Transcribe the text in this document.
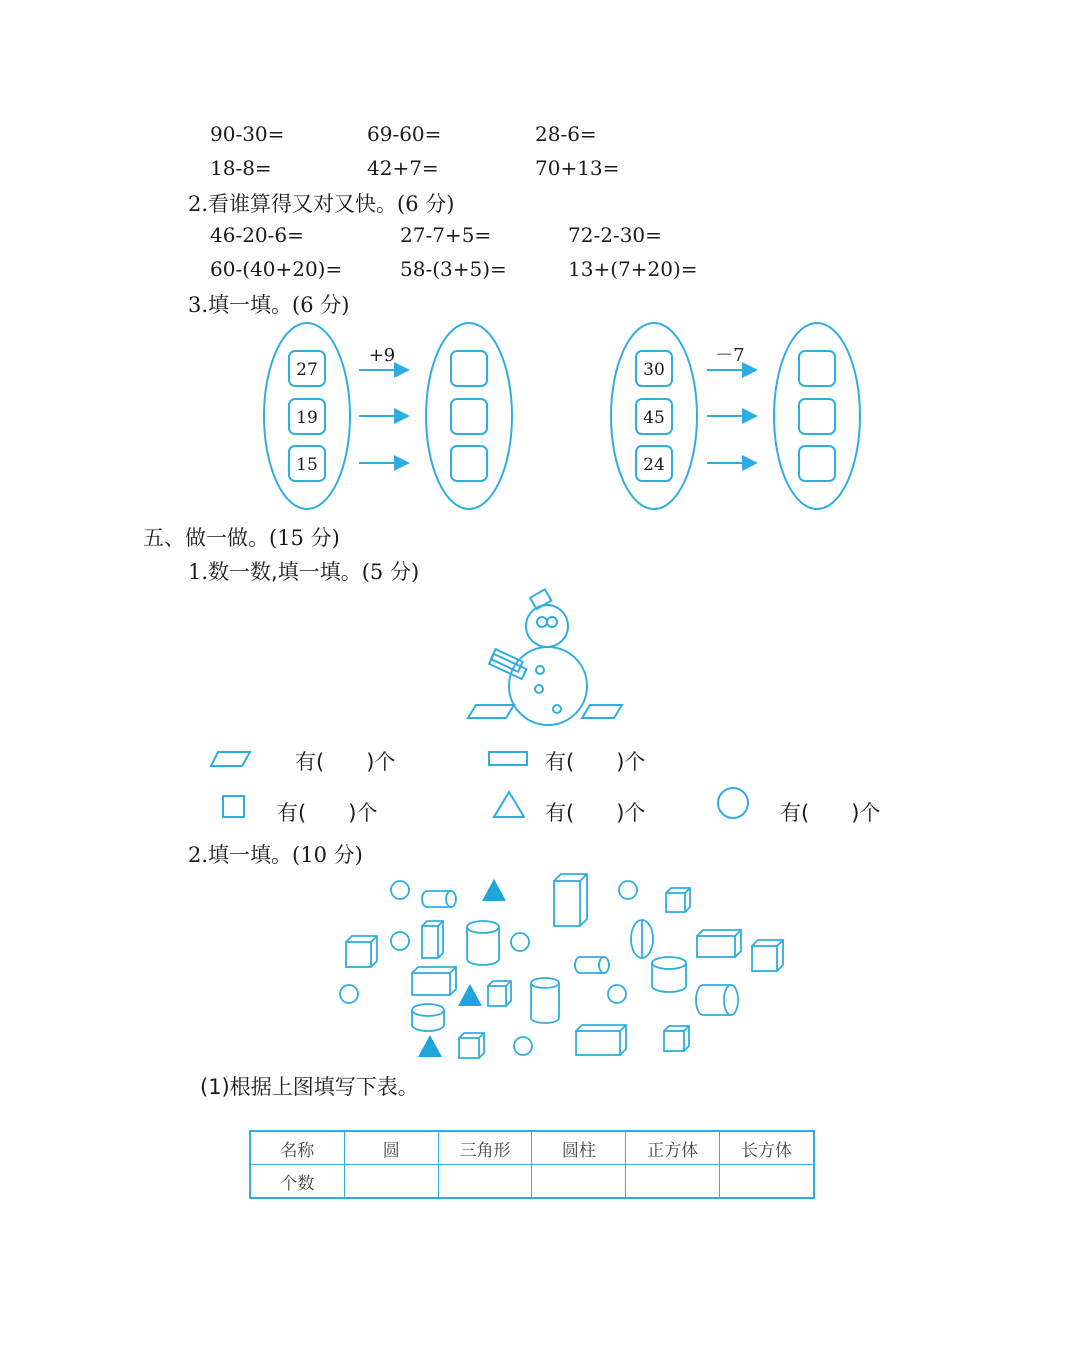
90-30=	69-60=	28-6=
18-8=	42+7=	70+13=
2.看谁算得又对又快。(6 分)
46-20-6=	27-7+5=	72-2-30=
60-(40+20)=	58-(3+5)=	13+(7+20)=
3.填一填。(6 分)
27
19
15
30
45
24
+9	－7
五、做一做。(15 分)
1.数一数,填一填。(5 分)
有(　　)个	有(　　)个
有(　　)个	有(　　)个	有(　　)个
2.填一填。(10 分)
(1)根据上图填写下表。
名称	圆	三角形	圆柱	正方体	长方体
个数					
